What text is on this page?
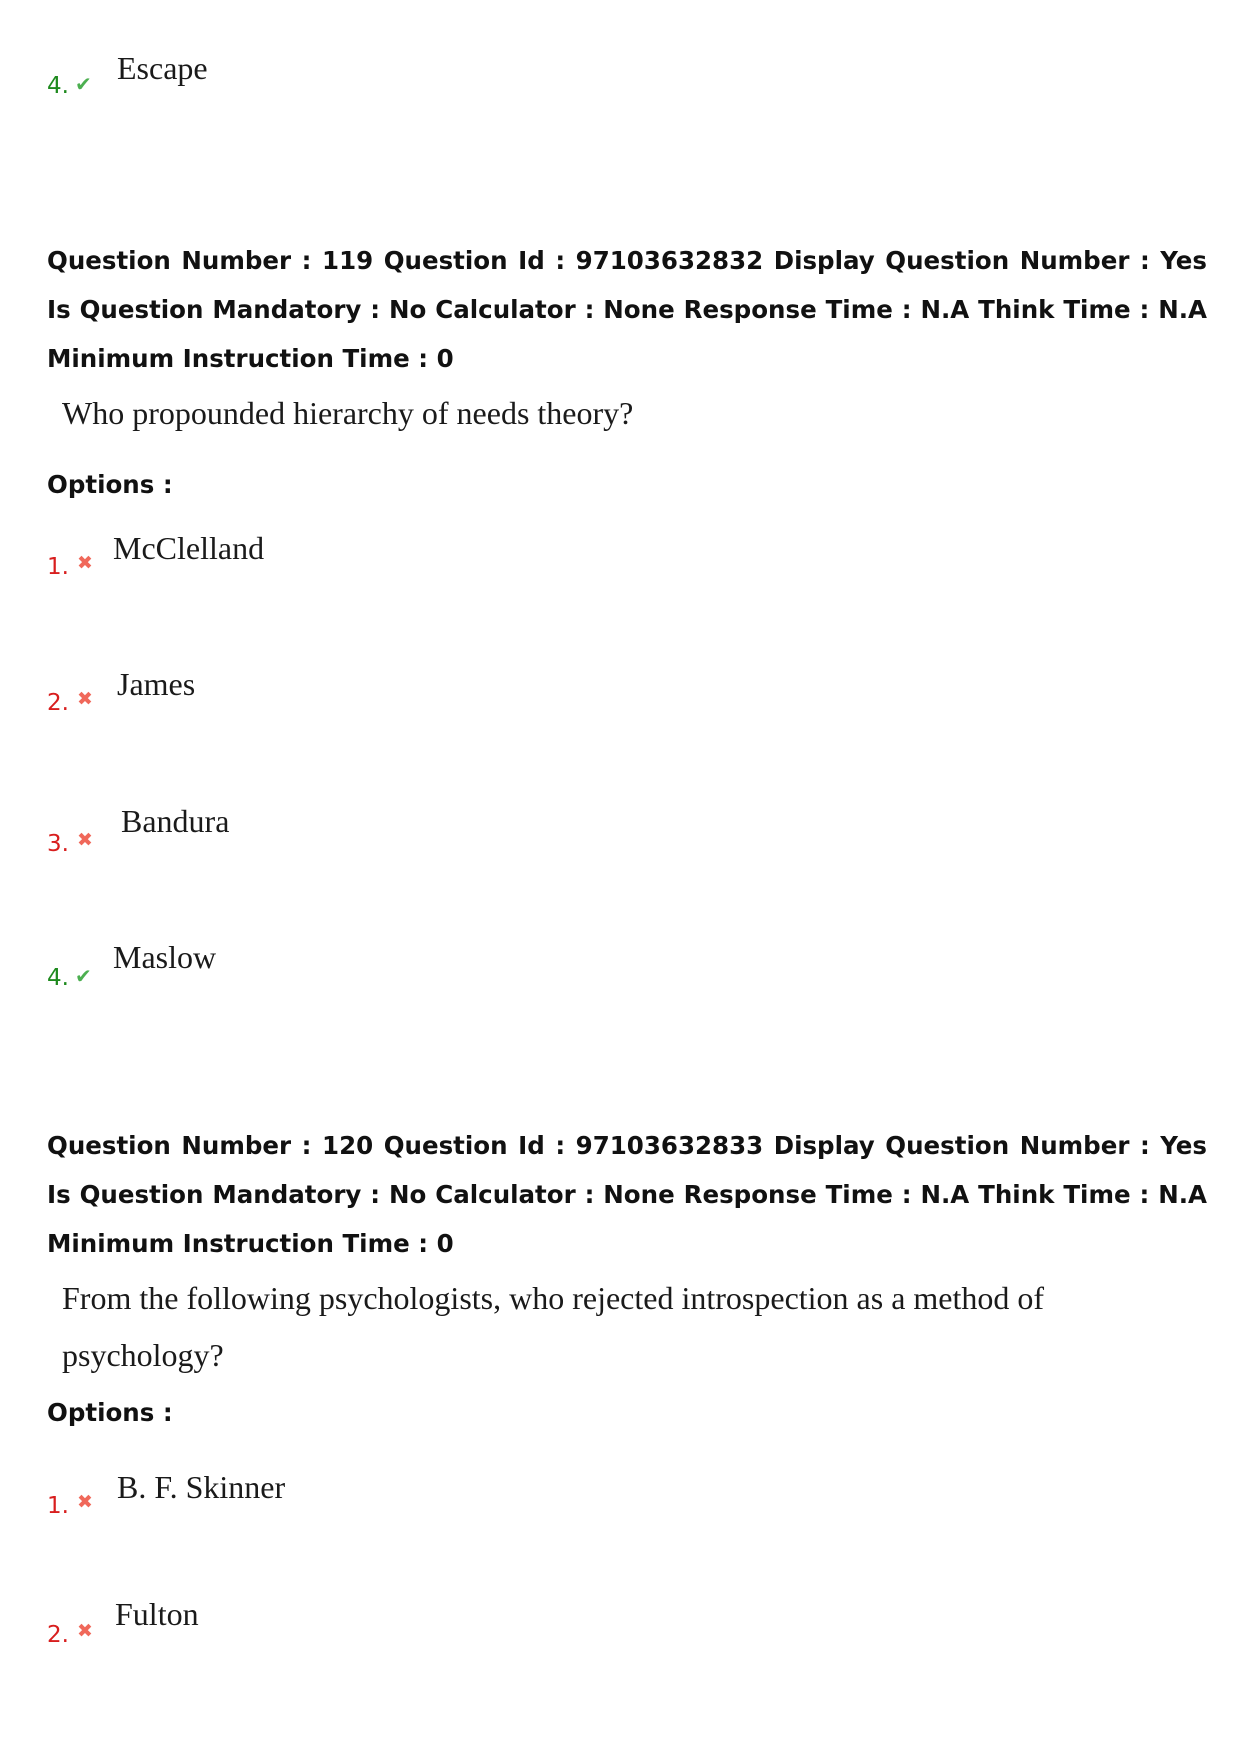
4. ✔ Escape
Question Number : 119 Question Id : 97103632832 Display Question Number : Yes Is Question Mandatory : No Calculator : None Response Time : N.A Think Time : N.A Minimum Instruction Time : 0
Who propounded hierarchy of needs theory?
Options :
1. ✖ McClelland
2. ✖ James
3. ✖
Bandura
4. ✔
Maslow
Question Number : 120 Question Id : 97103632833 Display Question Number : Yes Is Question Mandatory : No Calculator : None Response Time : N.A Think Time : N.A Minimum Instruction Time : 0
From the following psychologists, who rejected introspection as a method of psychology?
Options :
1. ✖ B. F. Skinner
2. ✖ Fulton
